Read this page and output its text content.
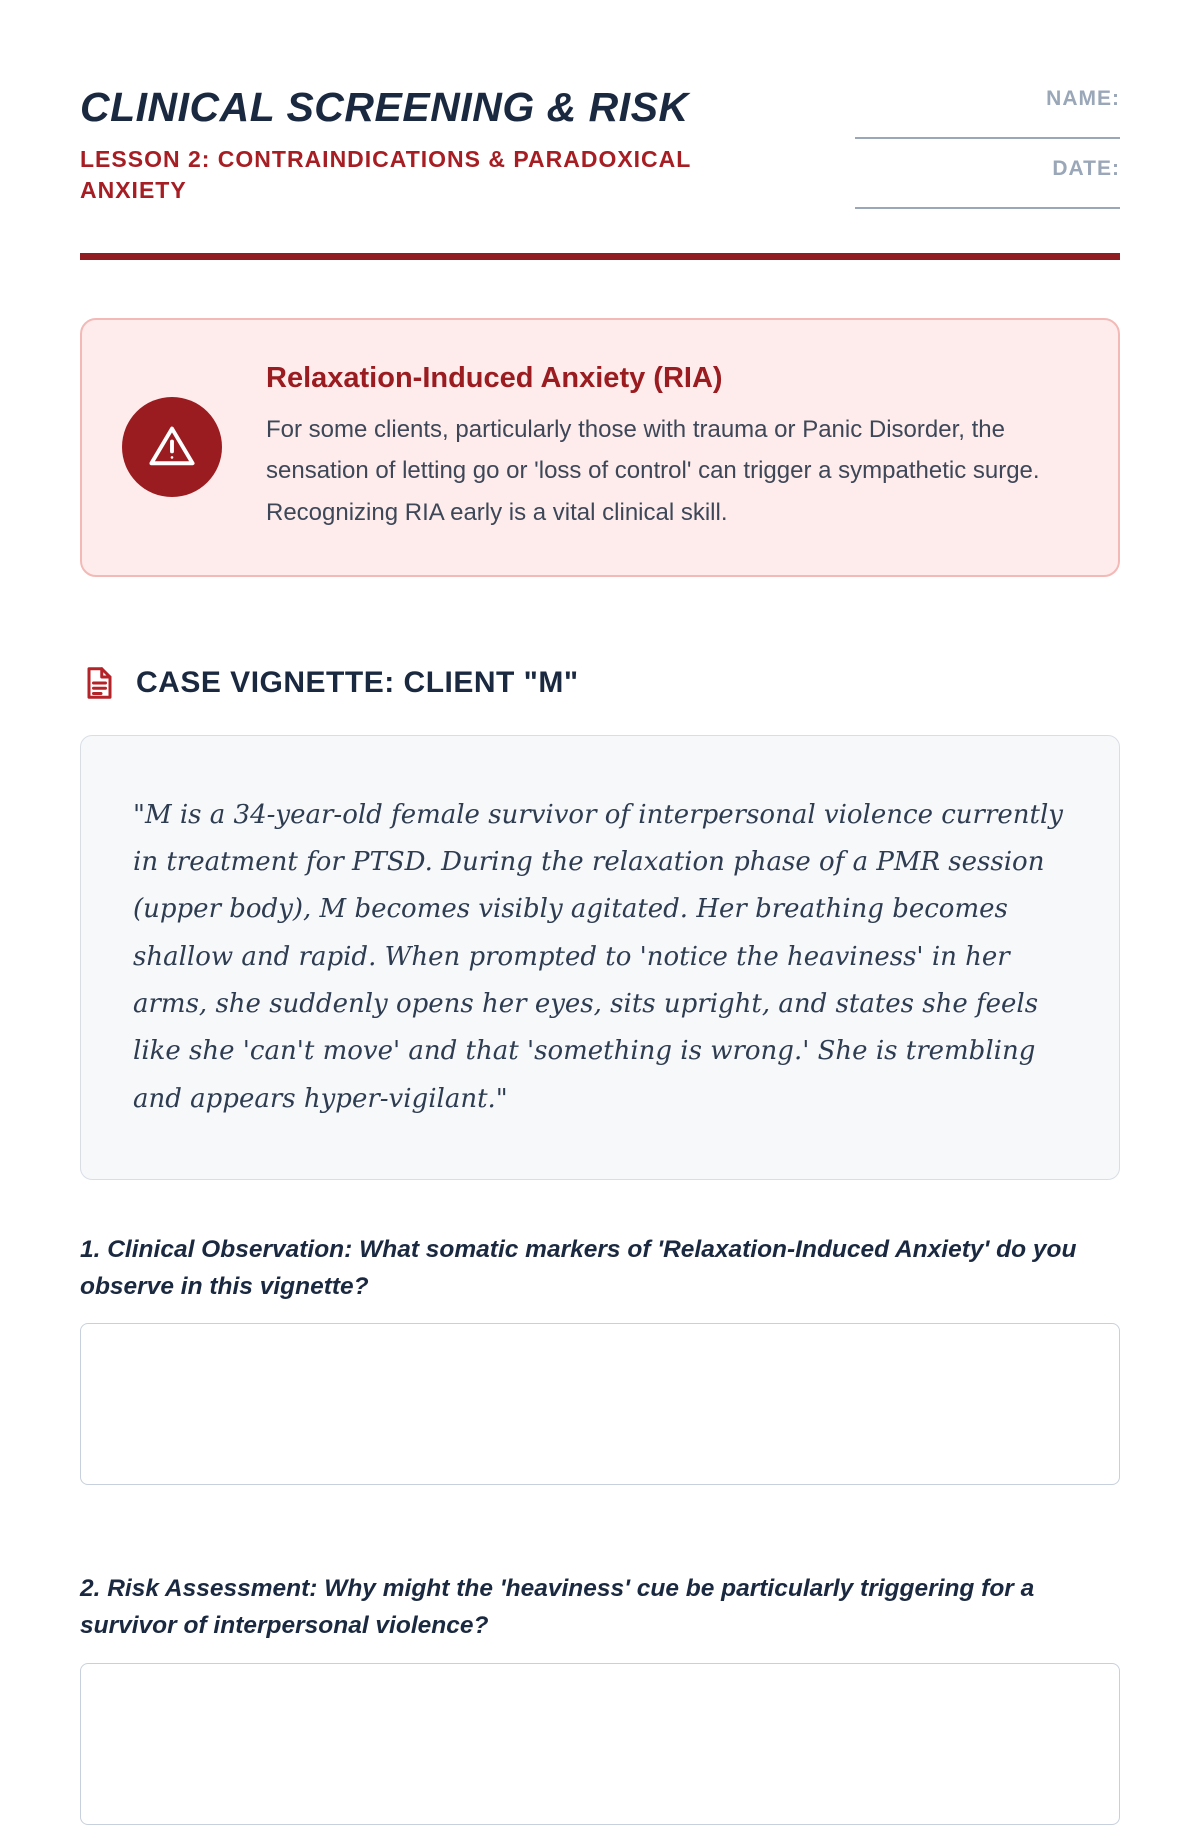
CLINICAL SCREENING & RISK
LESSON 2: CONTRAINDICATIONS & PARADOXICAL ANXIETY
NAME:
DATE:
Relaxation-Induced Anxiety (RIA)
For some clients, particularly those with trauma or Panic Disorder, the sensation of letting go or 'loss of control' can trigger a sympathetic surge. Recognizing RIA early is a vital clinical skill.
CASE VIGNETTE: CLIENT "M"
"M is a 34-year-old female survivor of interpersonal violence currently in treatment for PTSD. During the relaxation phase of a PMR session (upper body), M becomes visibly agitated. Her breathing becomes shallow and rapid. When prompted to 'notice the heaviness' in her arms, she suddenly opens her eyes, sits upright, and states she feels like she 'can't move' and that 'something is wrong.' She is trembling and appears hyper-vigilant."
1. Clinical Observation: What somatic markers of 'Relaxation-Induced Anxiety' do you observe in this vignette?
2. Risk Assessment: Why might the 'heaviness' cue be particularly triggering for a survivor of interpersonal violence?
